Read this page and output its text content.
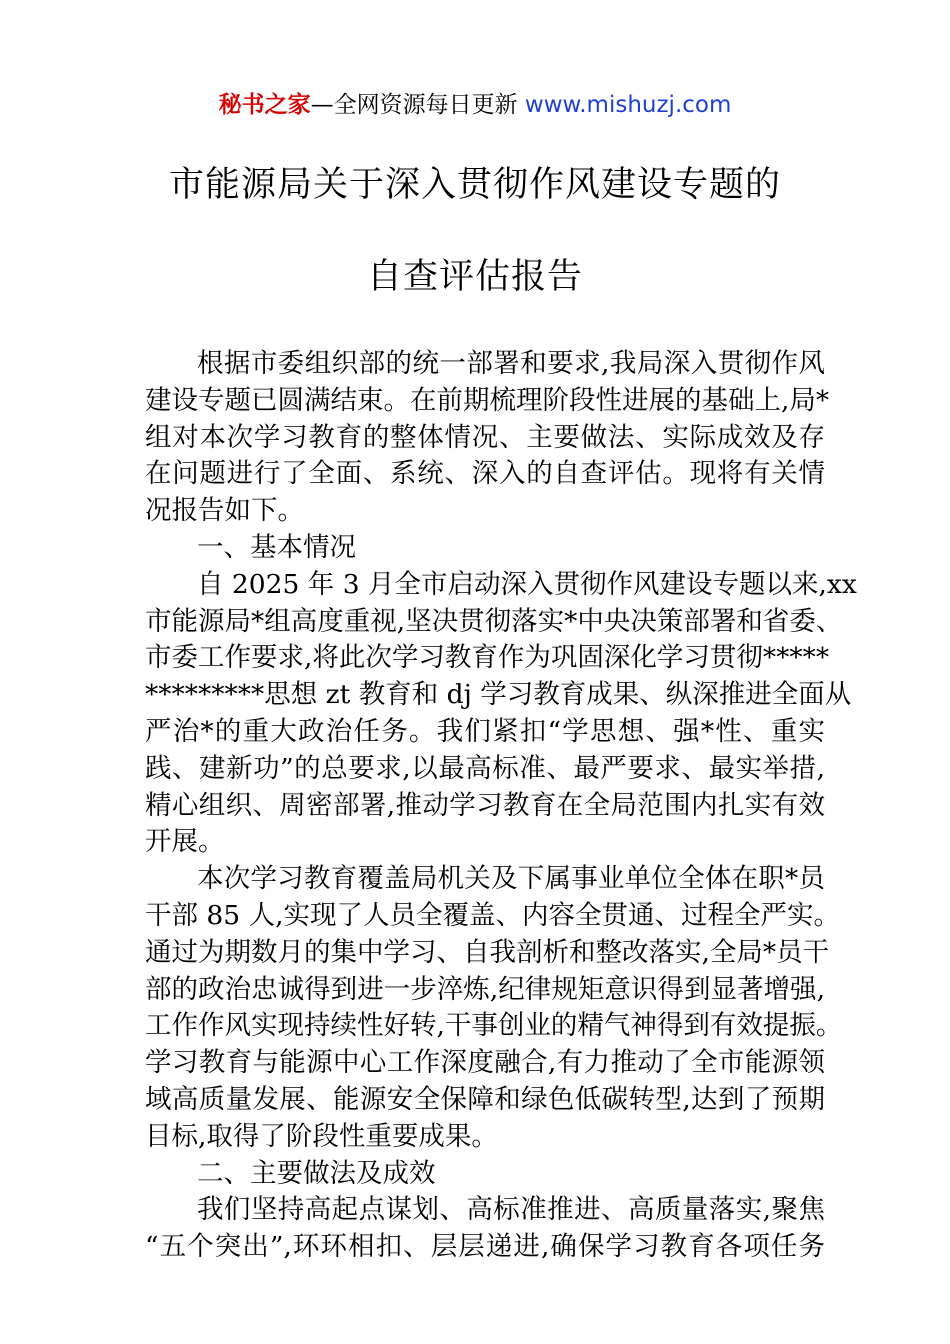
秘书之家—全网资源每日更新 www.mishuzj.com
市能源局关于深入贯彻作风建设专题的
自查评估报告
根据市委组织部的统一部署和要求,我局深入贯彻作风
建设专题已圆满结束。在前期梳理阶段性进展的基础上,局*
组对本次学习教育的整体情况、主要做法、实际成效及存
在问题进行了全面、系统、深入的自查评估。现将有关情
况报告如下。
一、基本情况
自 2025 年 3 月全市启动深入贯彻作风建设专题以来,xx
市能源局*组高度重视,坚决贯彻落实*中央决策部署和省委、
市委工作要求,将此次学习教育作为巩固深化学习贯彻*****
*********思想 zt 教育和 dj 学习教育成果、纵深推进全面从
严治*的重大政治任务。我们紧扣“学思想、强*性、重实
践、建新功”的总要求,以最高标准、最严要求、最实举措,
精心组织、周密部署,推动学习教育在全局范围内扎实有效
开展。
本次学习教育覆盖局机关及下属事业单位全体在职*员
干部 85 人,实现了人员全覆盖、内容全贯通、过程全严实。
通过为期数月的集中学习、自我剖析和整改落实,全局*员干
部的政治忠诚得到进一步淬炼,纪律规矩意识得到显著增强,
工作作风实现持续性好转,干事创业的精气神得到有效提振。
学习教育与能源中心工作深度融合,有力推动了全市能源领
域高质量发展、能源安全保障和绿色低碳转型,达到了预期
目标,取得了阶段性重要成果。
二、主要做法及成效
我们坚持高起点谋划、高标准推进、高质量落实,聚焦
“五个突出”,环环相扣、层层递进,确保学习教育各项任务
